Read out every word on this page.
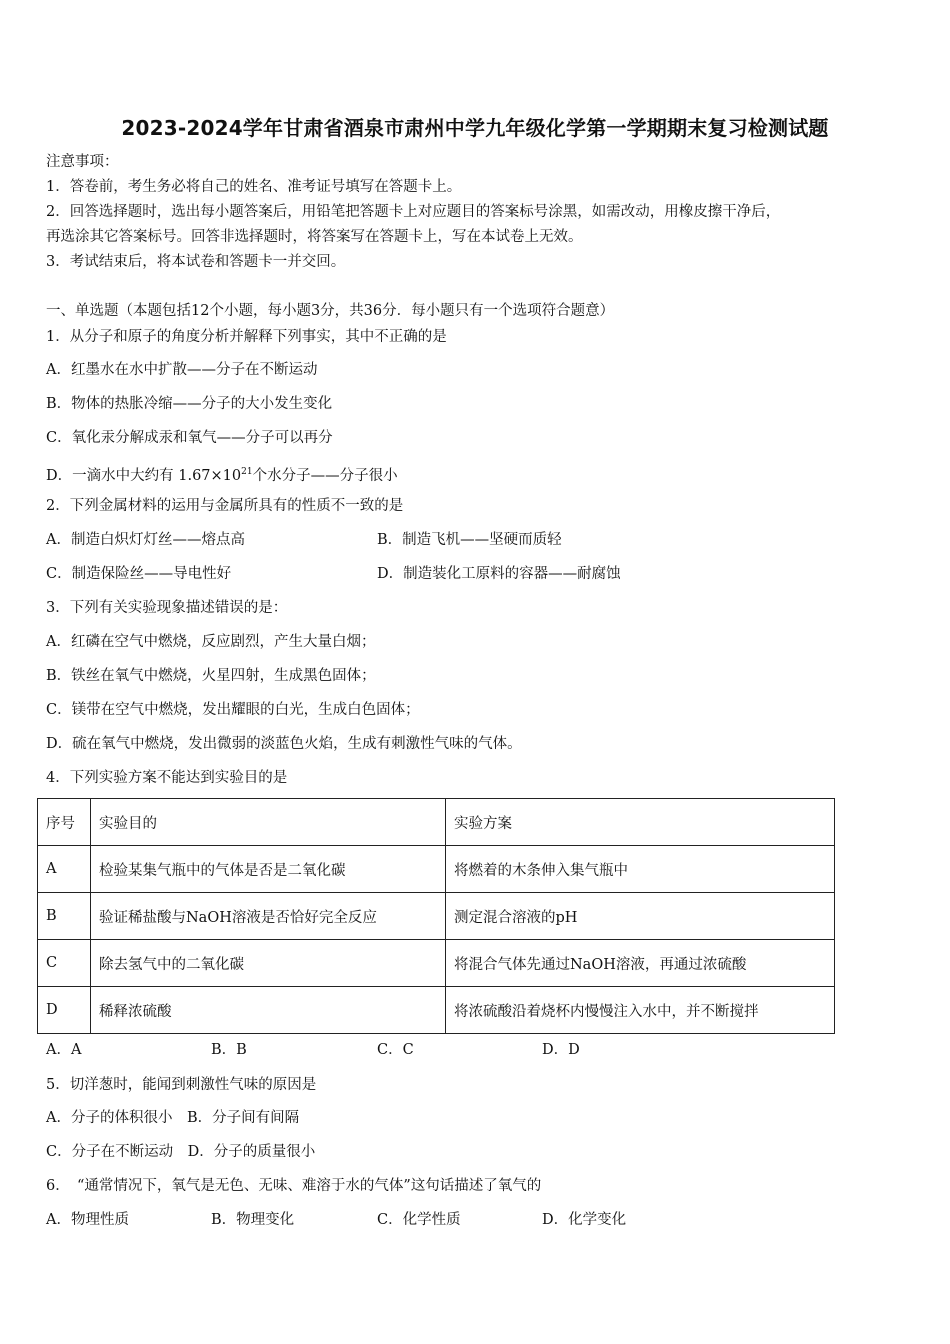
2023-2024学年甘肃省酒泉市肃州中学九年级化学第一学期期末复习检测试题
注意事项：
1．答卷前，考生务必将自己的姓名、准考证号填写在答题卡上。
2．回答选择题时，选出每小题答案后，用铅笔把答题卡上对应题目的答案标号涂黑，如需改动，用橡皮擦干净后，
再选涂其它答案标号。回答非选择题时，将答案写在答题卡上，写在本试卷上无效。
3．考试结束后，将本试卷和答题卡一并交回。
一、单选题（本题包括12个小题，每小题3分，共36分．每小题只有一个选项符合题意）
1．从分子和原子的角度分析并解释下列事实，其中不正确的是
A．红墨水在水中扩散——分子在不断运动
B．物体的热胀冷缩——分子的大小发生变化
C．氧化汞分解成汞和氧气——分子可以再分
D．一滴水中大约有 $1.67\times 10^{21}$个水分子——分子很小
2．下列金属材料的运用与金属所具有的性质不一致的是
A．制造白炽灯灯丝——熔点高	B．制造飞机——坚硬而质轻
C．制造保险丝——导电性好	D．制造装化工原料的容器——耐腐蚀
3．下列有关实验现象描述错误的是：
A．红磷在空气中燃烧，反应剧烈，产生大量白烟；
B．铁丝在氧气中燃烧，火星四射，生成黑色固体；
C．镁带在空气中燃烧，发出耀眼的白光，生成白色固体；
D．硫在氧气中燃烧，发出微弱的淡蓝色火焰，生成有刺激性气味的气体。
4．下列实验方案不能达到实验目的是
序号	实验目的	实验方案
A	检验某集气瓶中的气体是否是二氧化碳	将燃着的木条伸入集气瓶中
B	验证稀盐酸与NaOH溶液是否恰好完全反应	测定混合溶液的pH
C	除去氢气中的二氧化碳	将混合气体先通过NaOH溶液，再通过浓硫酸
D	稀释浓硫酸	将浓硫酸沿着烧杯内慢慢注入水中，并不断搅拌
A．A	B．B	C．C	D．D
5．切洋葱时，能闻到刺激性气味的原因是
A．分子的体积很小　B．分子间有间隔
C．分子在不断运动　D．分子的质量很小
6．　“通常情况下，氧气是无色、无味、难溶于水的气体”这句话描述了氧气的
A．物理性质	B．物理变化	C．化学性质	D．化学变化
